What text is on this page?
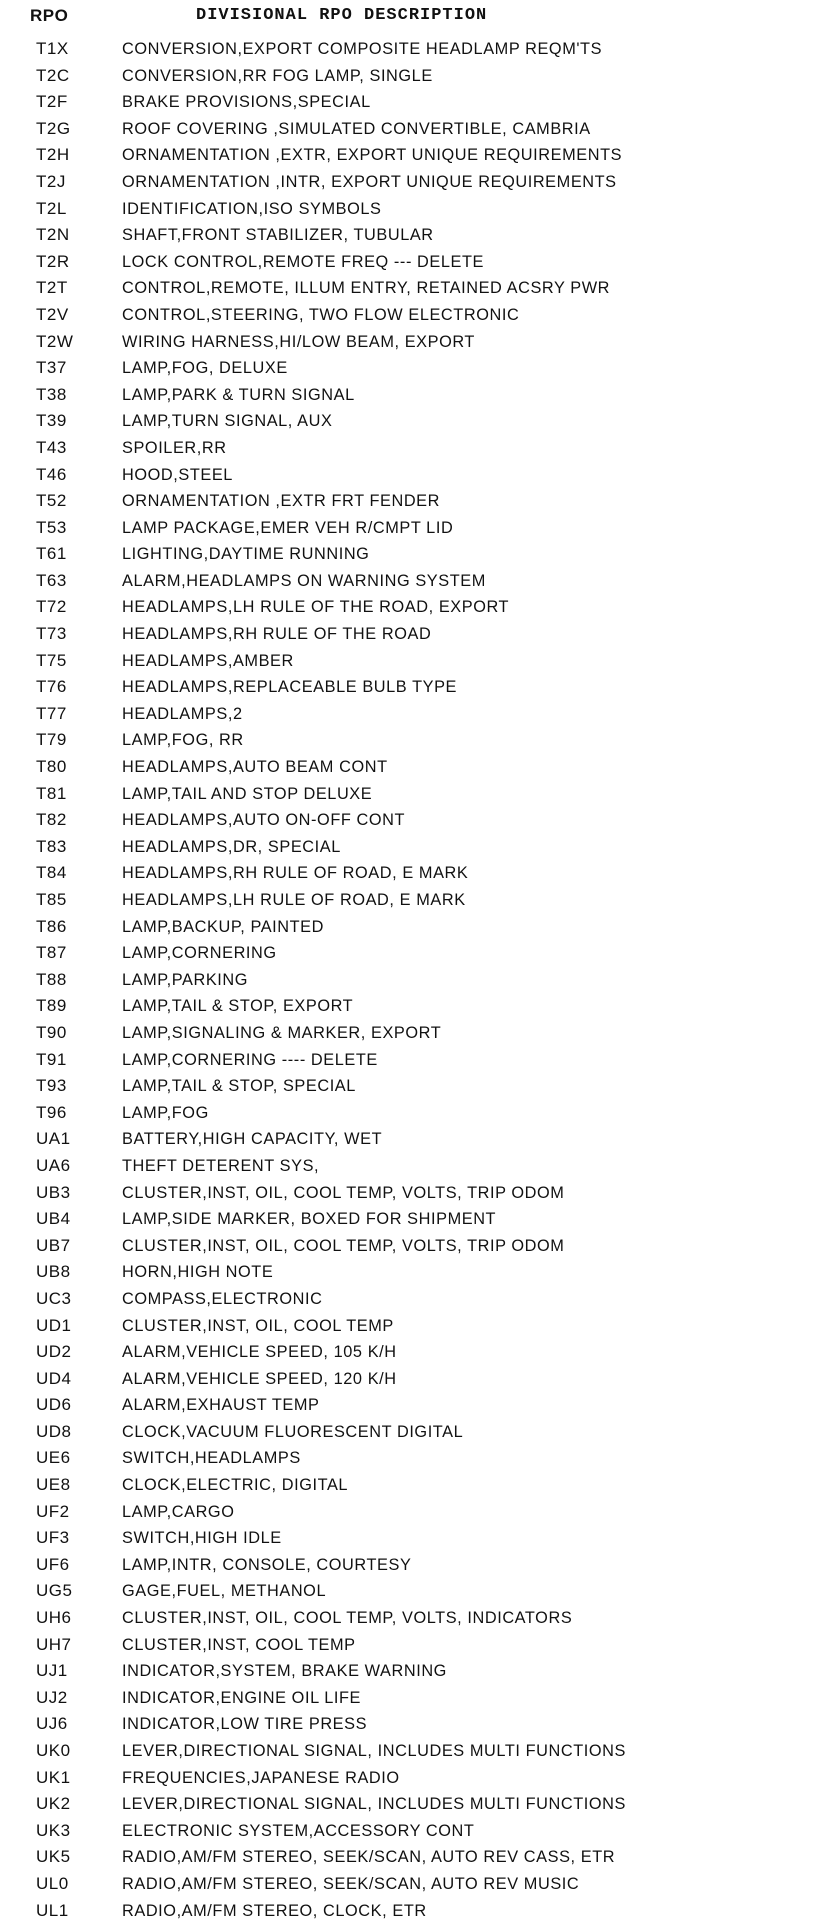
RPO	DIVISIONAL RPO DESCRIPTION
T1X	CONVERSION,EXPORT COMPOSITE HEADLAMP REQM'TS
T2C	CONVERSION,RR FOG LAMP, SINGLE
T2F	BRAKE PROVISIONS,SPECIAL
T2G	ROOF COVERING ,SIMULATED CONVERTIBLE, CAMBRIA
T2H	ORNAMENTATION ,EXTR, EXPORT UNIQUE REQUIREMENTS
T2J	ORNAMENTATION ,INTR, EXPORT UNIQUE REQUIREMENTS
T2L	IDENTIFICATION,ISO SYMBOLS
T2N	SHAFT,FRONT STABILIZER, TUBULAR
T2R	LOCK CONTROL,REMOTE FREQ --- DELETE
T2T	CONTROL,REMOTE, ILLUM ENTRY, RETAINED ACSRY PWR
T2V	CONTROL,STEERING, TWO FLOW ELECTRONIC
T2W	WIRING HARNESS,HI/LOW BEAM, EXPORT
T37	LAMP,FOG, DELUXE
T38	LAMP,PARK & TURN SIGNAL
T39	LAMP,TURN SIGNAL, AUX
T43	SPOILER,RR
T46	HOOD,STEEL
T52	ORNAMENTATION ,EXTR FRT FENDER
T53	LAMP PACKAGE,EMER VEH R/CMPT LID
T61	LIGHTING,DAYTIME RUNNING
T63	ALARM,HEADLAMPS ON WARNING SYSTEM
T72	HEADLAMPS,LH RULE OF THE ROAD, EXPORT
T73	HEADLAMPS,RH RULE OF THE ROAD
T75	HEADLAMPS,AMBER
T76	HEADLAMPS,REPLACEABLE BULB TYPE
T77	HEADLAMPS,2
T79	LAMP,FOG, RR
T80	HEADLAMPS,AUTO BEAM CONT
T81	LAMP,TAIL AND STOP DELUXE
T82	HEADLAMPS,AUTO ON-OFF CONT
T83	HEADLAMPS,DR, SPECIAL
T84	HEADLAMPS,RH RULE OF ROAD, E MARK
T85	HEADLAMPS,LH RULE OF ROAD, E MARK
T86	LAMP,BACKUP, PAINTED
T87	LAMP,CORNERING
T88	LAMP,PARKING
T89	LAMP,TAIL & STOP, EXPORT
T90	LAMP,SIGNALING & MARKER, EXPORT
T91	LAMP,CORNERING ---- DELETE
T93	LAMP,TAIL & STOP, SPECIAL
T96	LAMP,FOG
UA1	BATTERY,HIGH CAPACITY, WET
UA6	THEFT DETERENT SYS,
UB3	CLUSTER,INST, OIL, COOL TEMP, VOLTS, TRIP ODOM
UB4	LAMP,SIDE MARKER, BOXED FOR SHIPMENT
UB7	CLUSTER,INST, OIL, COOL TEMP, VOLTS, TRIP ODOM
UB8	HORN,HIGH NOTE
UC3	COMPASS,ELECTRONIC
UD1	CLUSTER,INST, OIL, COOL TEMP
UD2	ALARM,VEHICLE SPEED, 105 K/H
UD4	ALARM,VEHICLE SPEED, 120 K/H
UD6	ALARM,EXHAUST TEMP
UD8	CLOCK,VACUUM FLUORESCENT DIGITAL
UE6	SWITCH,HEADLAMPS
UE8	CLOCK,ELECTRIC, DIGITAL
UF2	LAMP,CARGO
UF3	SWITCH,HIGH IDLE
UF6	LAMP,INTR, CONSOLE, COURTESY
UG5	GAGE,FUEL, METHANOL
UH6	CLUSTER,INST, OIL, COOL TEMP, VOLTS, INDICATORS
UH7	CLUSTER,INST, COOL TEMP
UJ1	INDICATOR,SYSTEM, BRAKE WARNING
UJ2	INDICATOR,ENGINE OIL LIFE
UJ6	INDICATOR,LOW TIRE PRESS
UK0	LEVER,DIRECTIONAL SIGNAL, INCLUDES MULTI FUNCTIONS
UK1	FREQUENCIES,JAPANESE RADIO
UK2	LEVER,DIRECTIONAL SIGNAL, INCLUDES MULTI FUNCTIONS
UK3	ELECTRONIC SYSTEM,ACCESSORY CONT
UK5	RADIO,AM/FM STEREO, SEEK/SCAN, AUTO REV CASS, ETR
UL0	RADIO,AM/FM STEREO, SEEK/SCAN, AUTO REV MUSIC
UL1	RADIO,AM/FM STEREO, CLOCK, ETR
